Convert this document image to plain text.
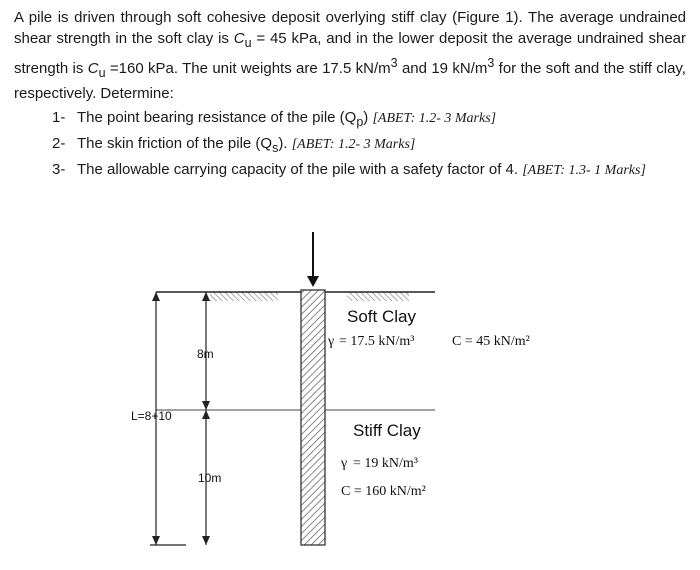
A pile is driven through soft cohesive deposit overlying stiff clay (Figure 1). The average undrained shear strength in the soft clay is $C_u = 45$ kPa, and in the lower deposit the average undrained shear strength is $C_u =160$ kPa. The unit weights are 17.5 $kN/m^3$ and 19 $kN/m^3$ for the soft and the stiff clay, respectively. Determine:

1- The point bearing resistance of the pile $(Q_p)$ [ABET: 1.2- 3 Marks]
2- The skin friction of the pile $(Q_s)$. [ABET: 1.2- 3 Marks]
3- The allowable carrying capacity of the pile with a safety factor of 4. [ABET: 1.3- 1 Marks]
L=8+10
8m
10m
Soft Clay
γ = 17.5 kN/m³	C = 45 kN/m²
Stiff Clay
γ = 19 kN/m³
C = 160 kN/m²
